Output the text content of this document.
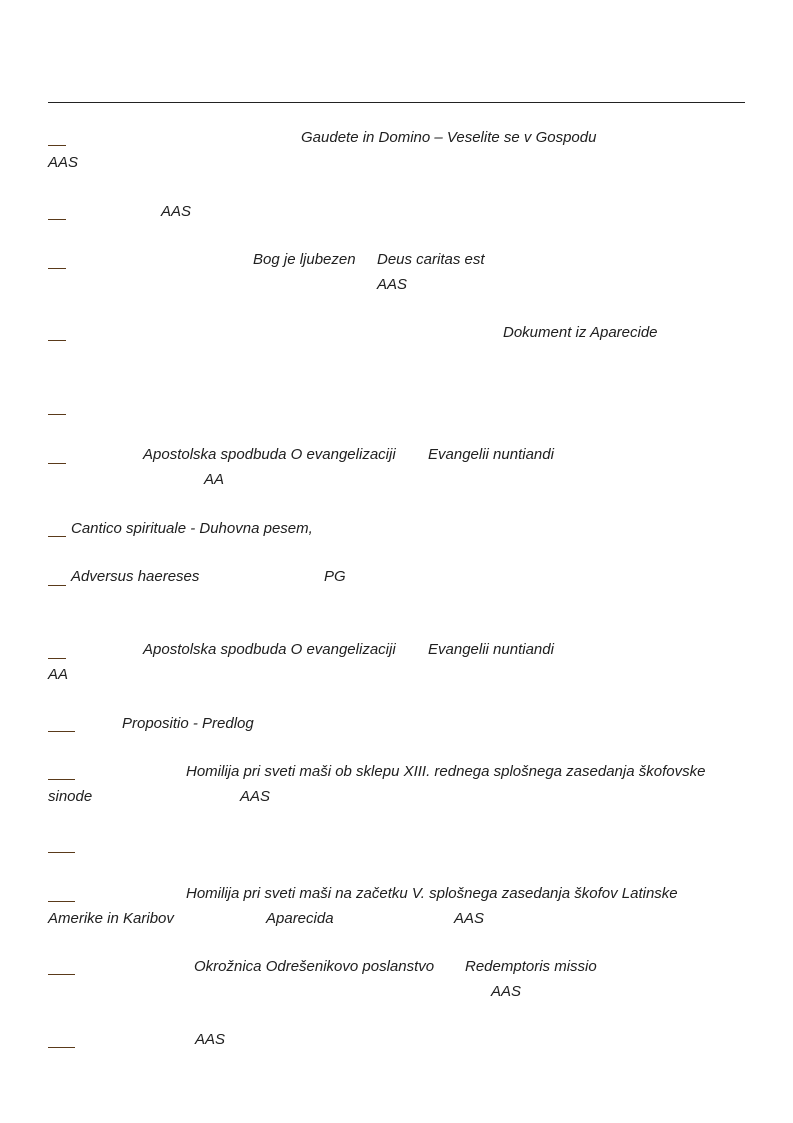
Gaudete in Domino – Veselite se v Gospodu
AAS
AAS
Bog je ljubezen Deus caritas est
AAS
Dokument iz Aparecide
Apostolska spodbuda O evangelizaciji Evangelii nuntiandi
AA
Cantico spirituale - Duhovna pesem,
Adversus haereses	PG
Apostolska spodbuda O evangelizaciji Evangelii nuntiandi
AA
Propositio - Predlog
Homilija pri sveti maši ob sklepu XIII. rednega splošnega zasedanja škofovske
sinode	AAS
Homilija pri sveti maši na začetku V. splošnega zasedanja škofov Latinske
Amerike in Karibov	Aparecida	AAS
Okrožnica Odrešenikovo poslanstvo Redemptoris missio
AAS
AAS
